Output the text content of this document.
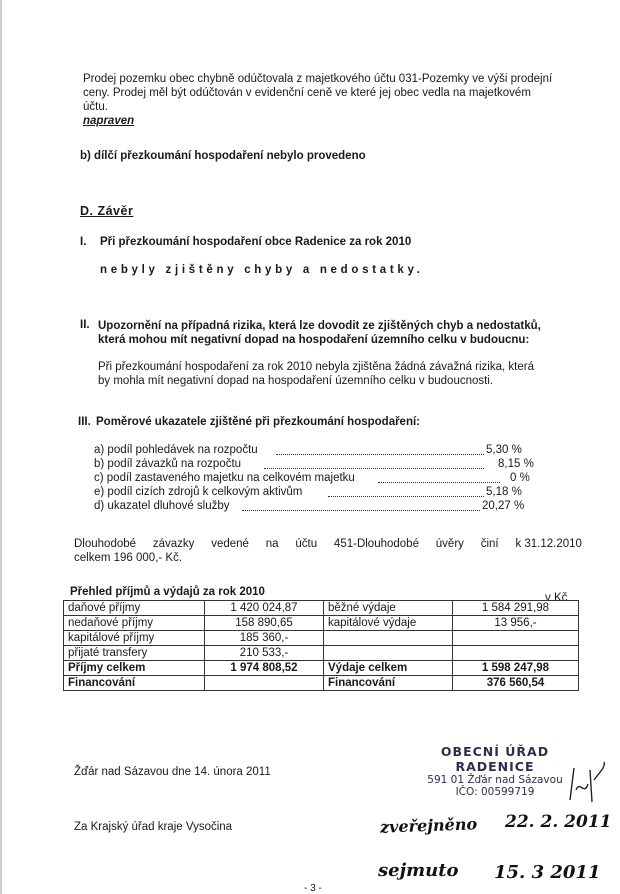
Prodej pozemku obec chybně odúčtovala z majetkového účtu 031-Pozemky ve výši prodejní

ceny. Prodej měl být odúčtován v evidenční ceně ve které jej obec vedla na majetkovém

účtu.

napraven

b) dílčí přezkoumání hospodaření nebylo provedeno
D. Závěr
I. Při přezkoumání hospodaření obce Radenice za rok 2010
nebyly zjištěny chyby a nedostatky.
II. Upozornění na případná rizika, která lze dovodit ze zjištěných chyb a nedostatků,

která mohou mít negativní dopad na hospodaření územního celku v budoucnu:

Při přezkoumání hospodaření za rok 2010 nebyla zjištěna žádná závažná rizika, která

by mohla mít negativní dopad na hospodaření územního celku v budoucnosti.

III. Poměrové ukazatele zjištěné při přezkoumání hospodaření:
a) podíl pohledávek na rozpočtu	5,30 %
b) podíl závazků na rozpočtu	8,15 %
c) podíl zastaveného majetku na celkovém majetku	0 %
e) podíl cizích zdrojů k celkovým aktivům	5,18 %
d) ukazatel dluhové služby	20,27 %
Dlouhodobé závazky vedené na účtu 451-Dlouhodobé úvěry činí k 31.12.2010
celkem 196 000,- Kč.
Přehled příjmů a výdajů za rok 2010	v Kč
daňové příjmy	1 420 024,87	běžné výdaje	1 584 291,98
nedaňové příjmy	158 890,65	kapitálové výdaje	13 956,-
kapitálové příjmy	185 360,-		
přijaté transfery	210 533,-		
Příjmy celkem	1 974 808,52	Výdaje celkem	1 598 247,98
Financování		Financování	376 560,54
OBECNÍ ÚŘAD
RADENICE
591 01 Žďár nad Sázavou
IČO: 00599719
Žďár nad Sázavou dne 14. února 2011
Za Krajský úřad kraje Vysočina	zveřejněno 22. 2. 2011
sejmuto 15. 3 2011
- 3 -
